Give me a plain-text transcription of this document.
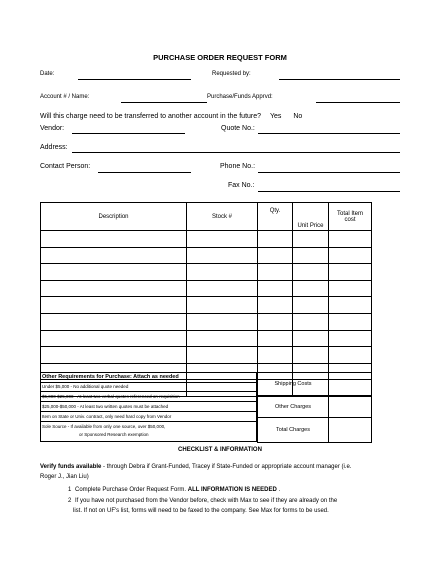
PURCHASE ORDER REQUEST FORM
Date:	Requested by:
Account # / Name:	Purchase/Funds Apprvd:
Will this charge need to be transferred to another account in the future? Yes No
Vendor:	Quote No.:
Address:
Contact Person:	Phone No.:
Fax No.:
Description	Stock #	Qty.	Unit Price	Total Item cost

Other Requirements for Purchase: Attach as needed
Under $5,000 - No additional quote needed
$5,000-$25,000 - At least two verbal quotes referenced on requisition
$25,000-$50,000 - At least two written quotes must be attached
Item on State or Univ. contract, only need hard copy from Vendor
Sole Source - If available from only one source, over $50,000,
or Sponsored Research exemption
Shipping Costs	
Other Charges	
Total Charges	
CHECKLIST & INFORMATION
Verify funds available - through Debra if Grant-Funded, Tracey if State-Funded or appropriate account manager (i.e.
Roger J., Jian Liu)
1 Complete Purchase Order Request Form. ALL INFORMATION IS NEEDED .
2 If you have not purchased from the Vendor before, check with Max to see if they are already on the
list. If not on UF's list, forms will need to be faxed to the company. See Max for forms to be used.
